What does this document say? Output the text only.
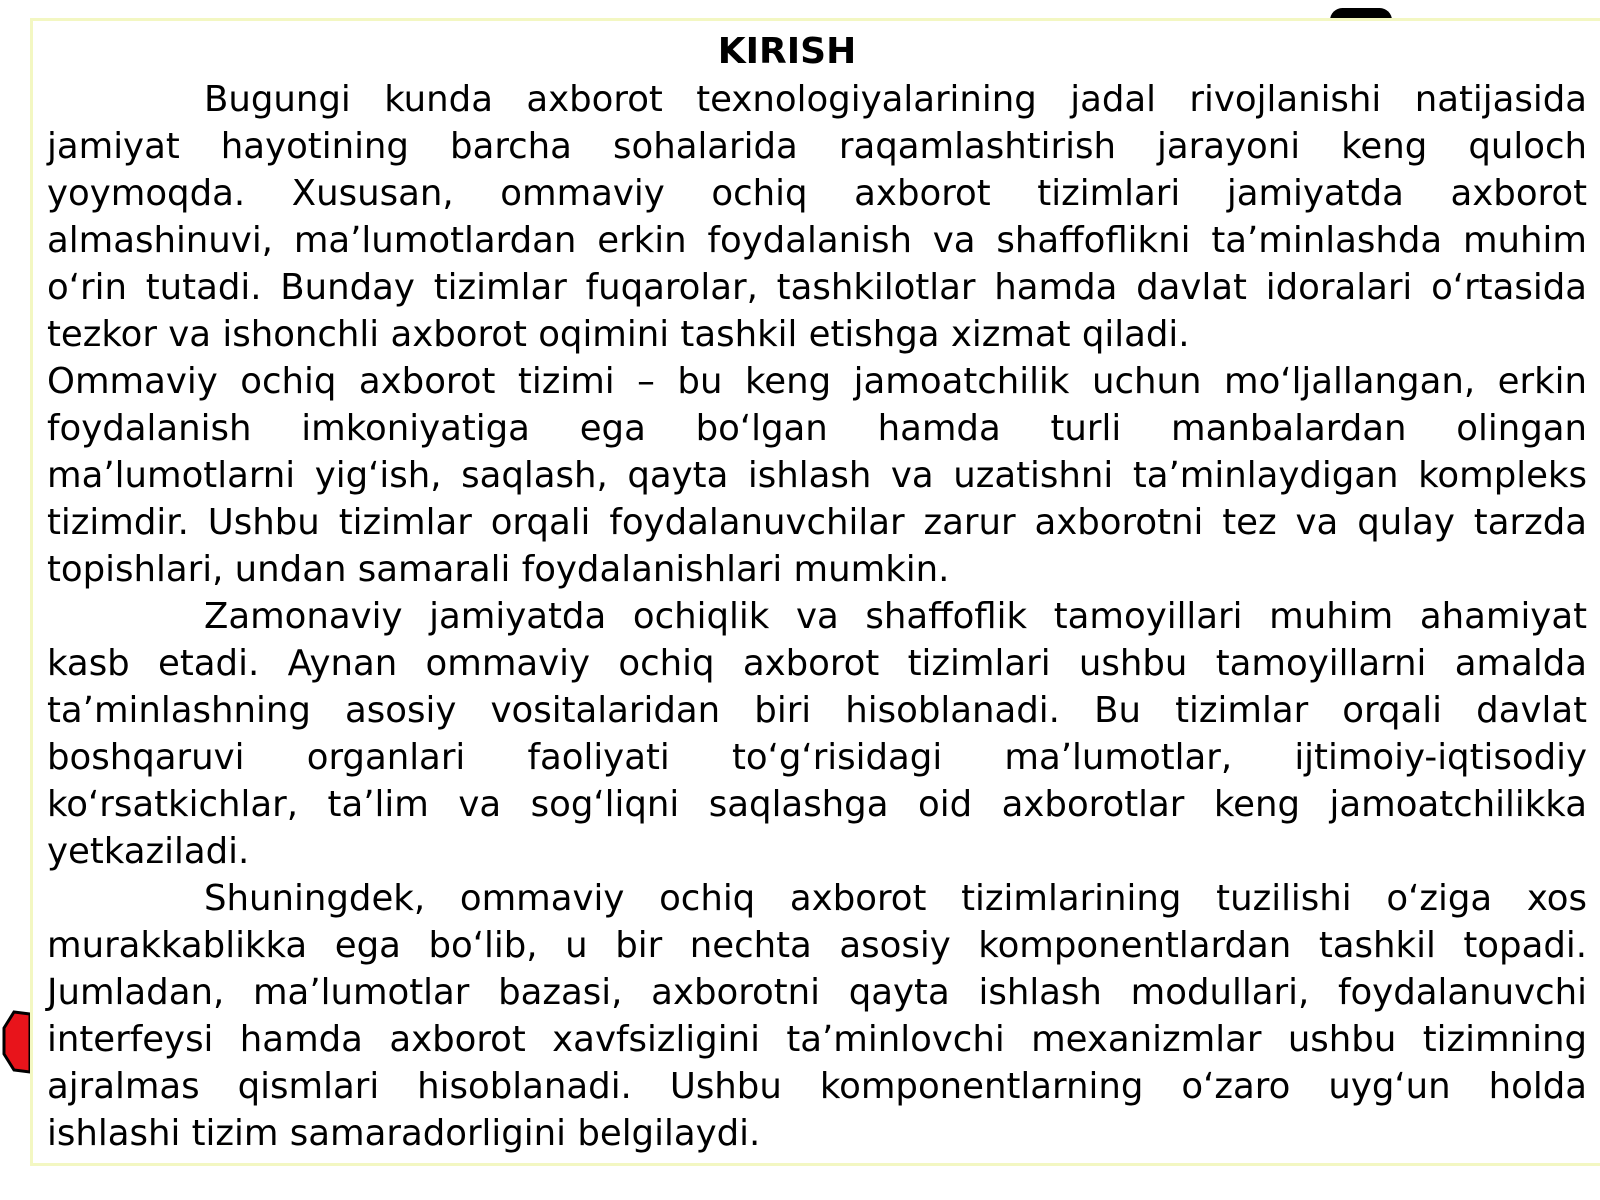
KIRISH
Bugungi kunda axborot texnologiyalarining jadal rivojlanishi natijasida
jamiyat hayotining barcha sohalarida raqamlashtirish jarayoni keng quloch
yoymoqda. Xususan, ommaviy ochiq axborot tizimlari jamiyatda axborot
almashinuvi, maʼlumotlardan erkin foydalanish va shaffoflikni taʼminlashda muhim
oʻrin tutadi. Bunday tizimlar fuqarolar, tashkilotlar hamda davlat idoralari oʻrtasida
tezkor va ishonchli axborot oqimini tashkil etishga xizmat qiladi.
Ommaviy ochiq axborot tizimi – bu keng jamoatchilik uchun moʻljallangan, erkin
foydalanish imkoniyatiga ega boʻlgan hamda turli manbalardan olingan
maʼlumotlarni yigʻish, saqlash, qayta ishlash va uzatishni taʼminlaydigan kompleks
tizimdir. Ushbu tizimlar orqali foydalanuvchilar zarur axborotni tez va qulay tarzda
topishlari, undan samarali foydalanishlari mumkin.
Zamonaviy jamiyatda ochiqlik va shaffoflik tamoyillari muhim ahamiyat
kasb etadi. Aynan ommaviy ochiq axborot tizimlari ushbu tamoyillarni amalda
taʼminlashning asosiy vositalaridan biri hisoblanadi. Bu tizimlar orqali davlat
boshqaruvi organlari faoliyati toʻgʻrisidagi maʼlumotlar, ijtimoiy-iqtisodiy
koʻrsatkichlar, taʼlim va sogʻliqni saqlashga oid axborotlar keng jamoatchilikka
yetkaziladi.
Shuningdek, ommaviy ochiq axborot tizimlarining tuzilishi oʻziga xos
murakkablikka ega boʻlib, u bir nechta asosiy komponentlardan tashkil topadi.
Jumladan, maʼlumotlar bazasi, axborotni qayta ishlash modullari, foydalanuvchi
interfeysi hamda axborot xavfsizligini taʼminlovchi mexanizmlar ushbu tizimning
ajralmas qismlari hisoblanadi. Ushbu komponentlarning oʻzaro uygʻun holda
ishlashi tizim samaradorligini belgilaydi.
